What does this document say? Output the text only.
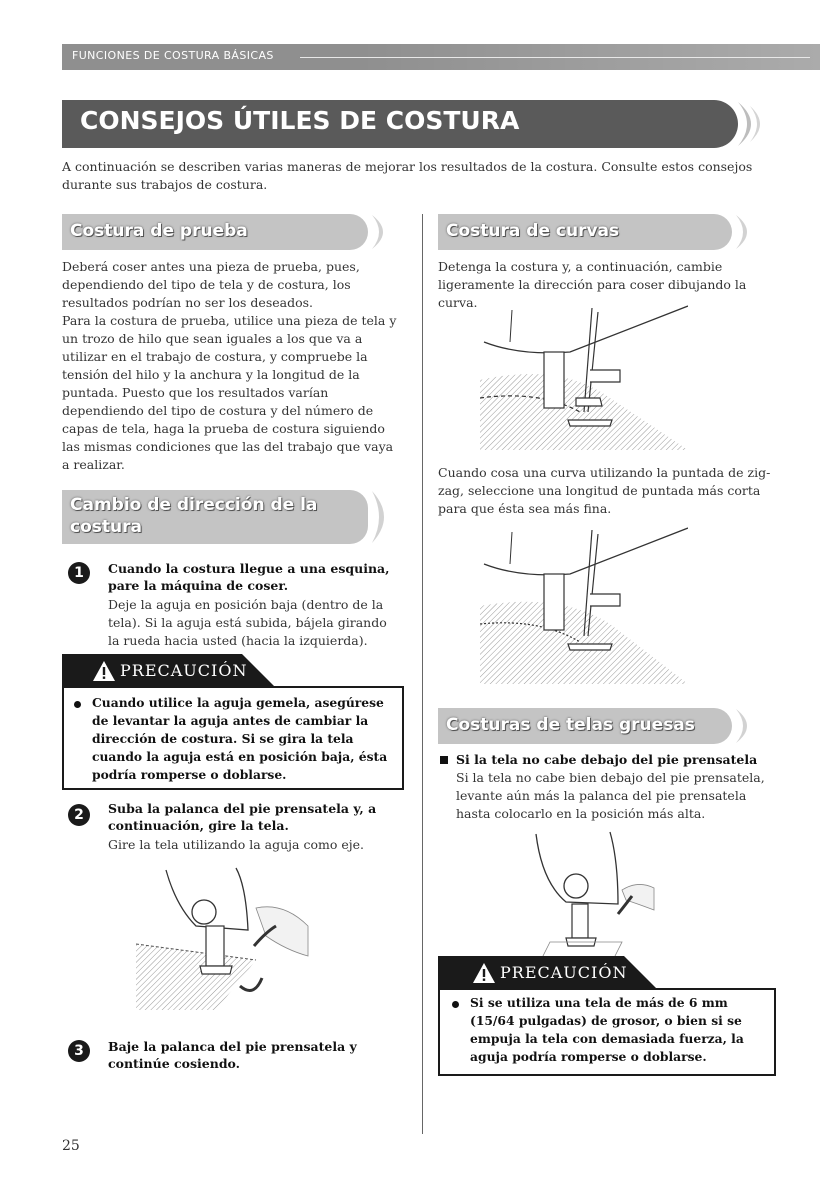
FUNCIONES DE COSTURA BÁSICAS
CONSEJOS ÚTILES DE COSTURA
A continuación se describen varias maneras de mejorar los resultados de la costura. Consulte estos consejos durante sus trabajos de costura.
Costura de prueba
Deberá coser antes una pieza de prueba, pues, dependiendo del tipo de tela y de costura, los resultados podrían no ser los deseados.
Para la costura de prueba, utilice una pieza de tela y un trozo de hilo que sean iguales a los que va a utilizar en el trabajo de costura, y compruebe la tensión del hilo y la anchura y la longitud de la puntada. Puesto que los resultados varían dependiendo del tipo de costura y del número de capas de tela, haga la prueba de costura siguiendo las mismas condiciones que las del trabajo que vaya a realizar.
Cambio de dirección de la
costura
1	Cuando la costura llegue a una esquina, pare la máquina de coser.
Deje la aguja en posición baja (dentro de la tela). Si la aguja está subida, bájela girando la rueda hacia usted (hacia la izquierda).
PRECAUCIÓN
Cuando utilice la aguja gemela, asegúrese de levantar la aguja antes de cambiar la dirección de costura. Si se gira la tela cuando la aguja está en posición baja, ésta podría romperse o doblarse.
2	Suba la palanca del pie prensatela y, a continuación, gire la tela.
Gire la tela utilizando la aguja como eje.
3	Baje la palanca del pie prensatela y continúe cosiendo.
Costura de curvas
Detenga la costura y, a continuación, cambie ligeramente la dirección para coser dibujando la curva.
Cuando cosa una curva utilizando la puntada de zig-zag, seleccione una longitud de puntada más corta para que ésta sea más fina.
Costuras de telas gruesas
Si la tela no cabe debajo del pie prensatela
Si la tela no cabe bien debajo del pie prensatela, levante aún más la palanca del pie prensatela hasta colocarlo en la posición más alta.
PRECAUCIÓN
Si se utiliza una tela de más de 6 mm (15/64 pulgadas) de grosor, o bien si se empuja la tela con demasiada fuerza, la aguja podría romperse o doblarse.
25
